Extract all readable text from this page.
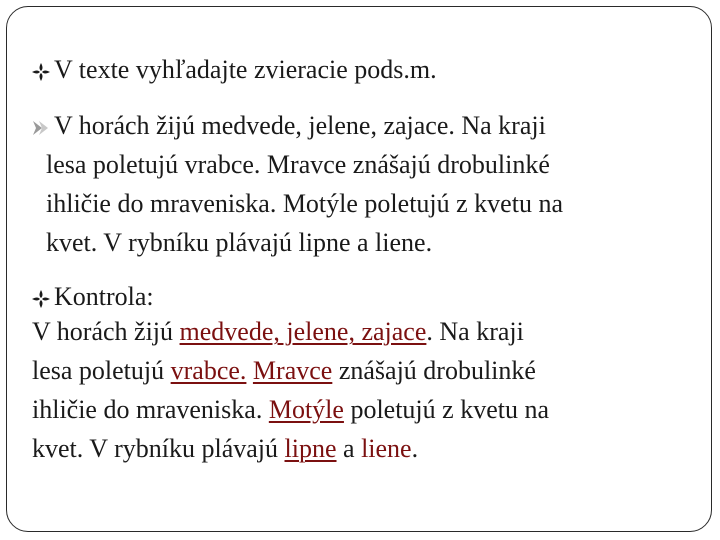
V texte vyhľadajte zvieracie pods.m.
V horách žijú medvede, jelene, zajace. Na kraji
lesa poletujú vrabce. Mravce znášajú drobulinké
ihličie do mraveniska. Motýle poletujú z kvetu na
kvet. V rybníku plávajú lipne a liene.
Kontrola:
V horách žijú medvede, jelene, zajace. Na kraji
lesa poletujú vrabce. Mravce znášajú drobulinké
ihličie do mraveniska. Motýle poletujú z kvetu na
kvet. V rybníku plávajú lipne a liene.
